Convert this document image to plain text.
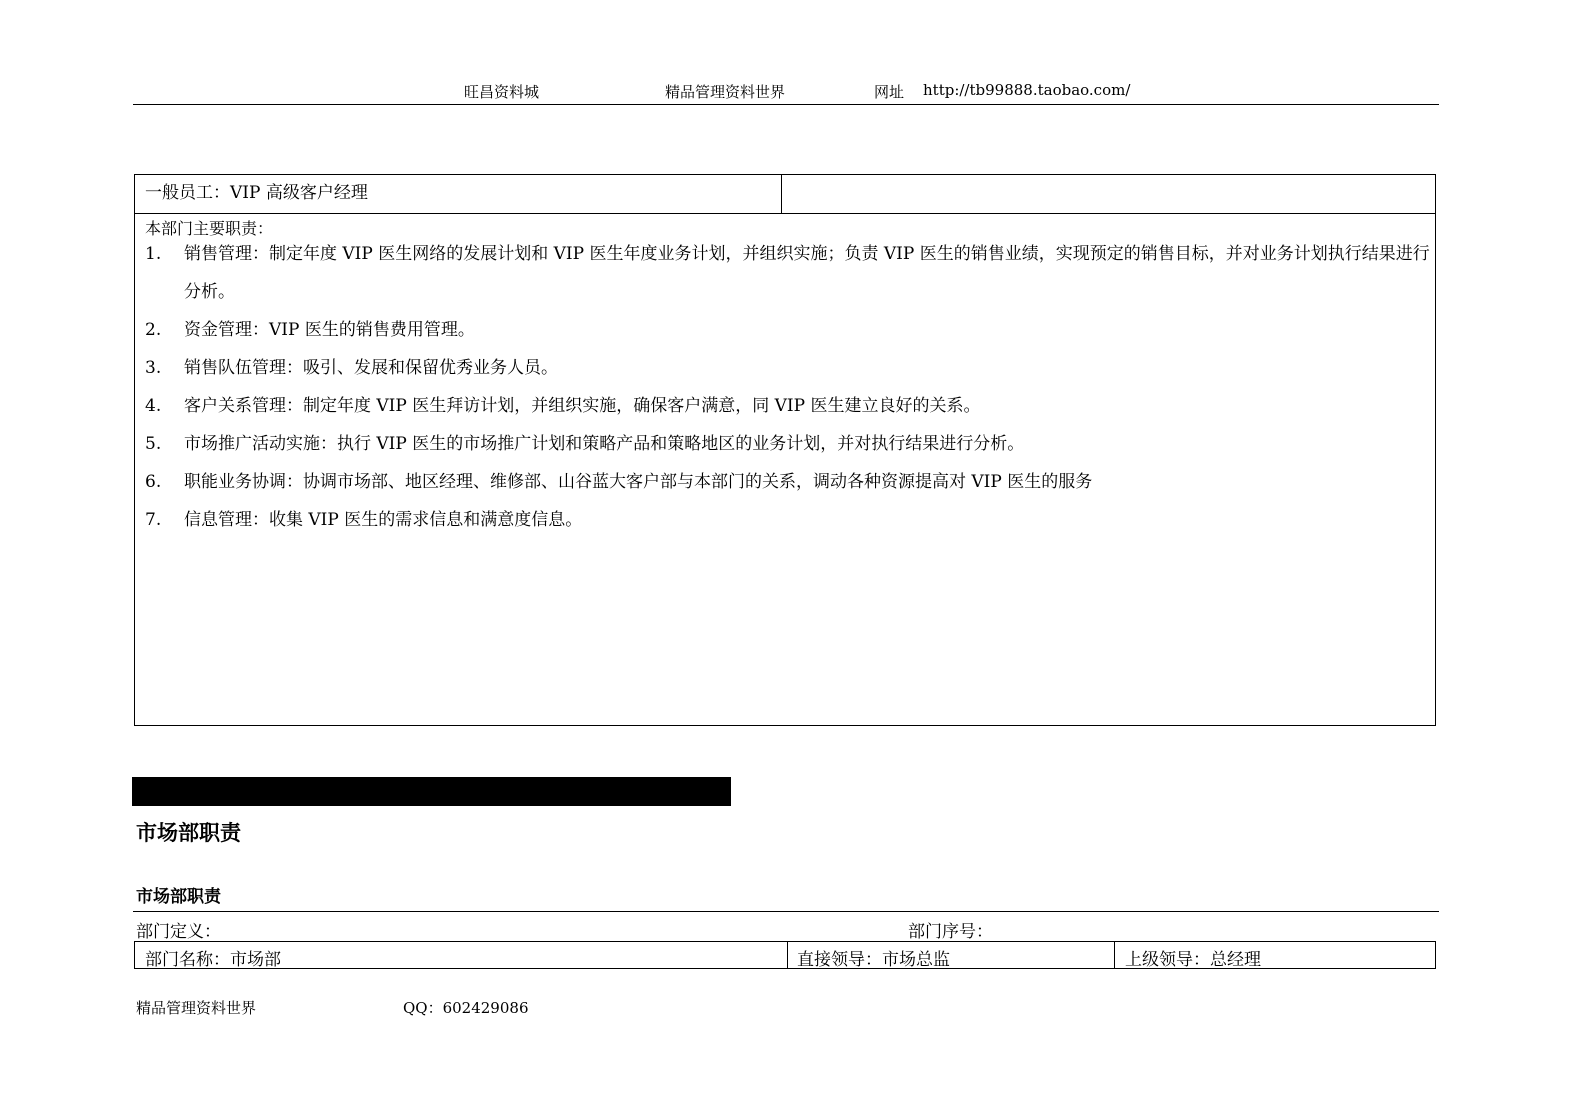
旺昌资料城	精品管理资料世界	网址 http://tb99888.taobao.com/
一般员工：VIP 高级客户经理
本部门主要职责：
1. 销售管理：制定年度 VIP 医生网络的发展计划和 VIP 医生年度业务计划，并组织实施；负责 VIP 医生的销售业绩，实现预定的销售目标，并对业务计划执行结果进行分析。
2. 资金管理：VIP 医生的销售费用管理。
3. 销售队伍管理：吸引、发展和保留优秀业务人员。
4. 客户关系管理：制定年度 VIP 医生拜访计划，并组织实施，确保客户满意，同 VIP 医生建立良好的关系。
5. 市场推广活动实施：执行 VIP 医生的市场推广计划和策略产品和策略地区的业务计划，并对执行结果进行分析。
6. 职能业务协调：协调市场部、地区经理、维修部、山谷蓝大客户部与本部门的关系，调动各种资源提高对 VIP 医生的服务
7. 信息管理：收集 VIP 医生的需求信息和满意度信息。
市场部职责
市场部职责
部门定义：	部门序号：
部门名称：市场部	直接领导：市场总监	上级领导：总经理
精品管理资料世界	QQ：602429086
